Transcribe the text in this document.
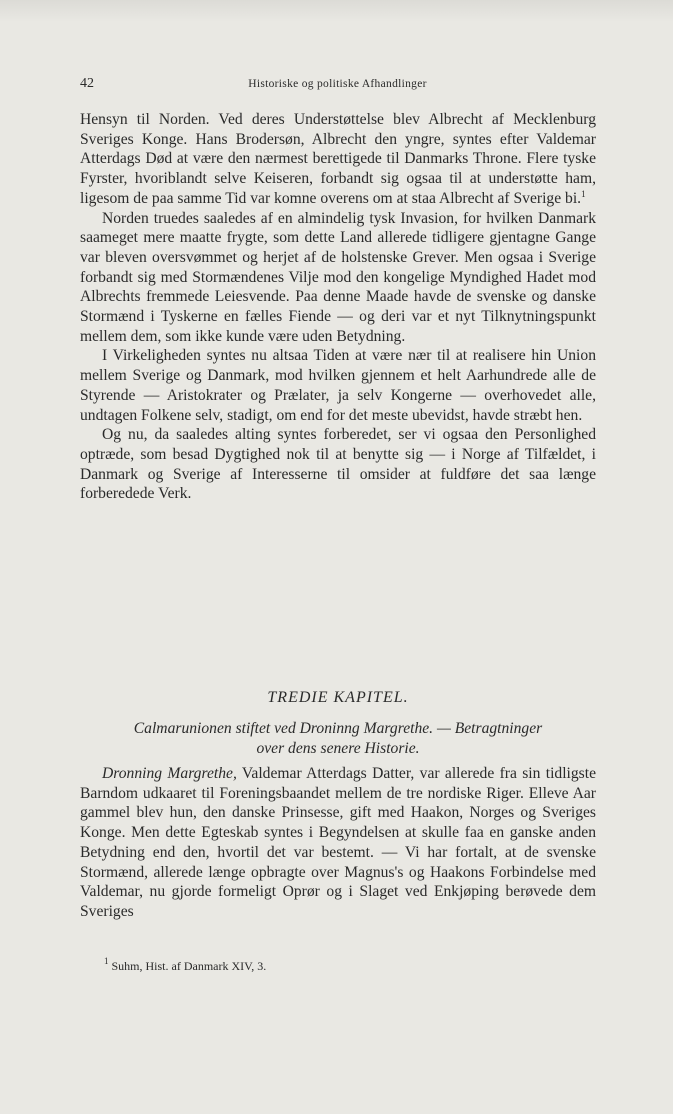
42	Historiske og politiske Afhandlinger

Hensyn til Norden. Ved deres Understøttelse blev Albrecht af Mecklenburg Sveriges Konge. Hans Brodersøn, Albrecht den yngre, syntes efter Valdemar Atterdags Død at være den nærmest berettigede til Danmarks Throne. Flere tyske Fyrster, hvoriblandt selve Keiseren, forbandt sig ogsaa til at understøtte ham, ligesom de paa samme Tid var komne overens om at staa Albrecht af Sverige bi.$^1$

Norden truedes saaledes af en almindelig tysk Invasion, for hvilken Danmark saameget mere maatte frygte, som dette Land allerede tidligere gjentagne Gange var bleven oversvømmet og herjet af de holstenske Grever. Men ogsaa i Sverige forbandt sig med Stormændenes Vilje mod den kongelige Myndighed Hadet mod Albrechts fremmede Leiesvende. Paa denne Maade havde de svenske og danske Stormænd i Tyskerne en fælles Fiende — og deri var et nyt Tilknytningspunkt mellem dem, som ikke kunde være uden Betydning.

I Virkeligheden syntes nu altsaa Tiden at være nær til at realisere hin Union mellem Sverige og Danmark, mod hvilken gjennem et helt Aarhundrede alle de Styrende — Aristokrater og Prælater, ja selv Kongerne — overhovedet alle, undtagen Folkene selv, stadigt, om end for det meste ubevidst, havde stræbt hen.

Og nu, da saaledes alting syntes forberedet, ser vi ogsaa den Personlighed optræde, som besad Dygtighed nok til at benytte sig — i Norge af Tilfældet, i Danmark og Sverige af Interesserne til omsider at fuldføre det saa længe forberedede Verk.

TREDIE KAPITEL.
Calmarunionen stiftet ved Droninng Margrethe. — Betragtninger
over dens senere Historie.

Dronning Margrethe, Valdemar Atterdags Datter, var allerede fra sin tidligste Barndom udkaaret til Foreningsbaandet mellem de tre nordiske Riger. Elleve Aar gammel blev hun, den danske Prinsesse, gift med Haakon, Norges og Sveriges Konge. Men dette Egteskab syntes i Begyndelsen at skulle faa en ganske anden Betydning end den, hvortil det var bestemt. — Vi har fortalt, at de svenske Stormænd, allerede længe opbragte over Magnus's og Haakons Forbindelse med Valdemar, nu gjorde formeligt Oprør og i Slaget ved Enkjøping berøvede dem Sveriges

$^1$ Suhm, Hist. af Danmark XIV, 3.
